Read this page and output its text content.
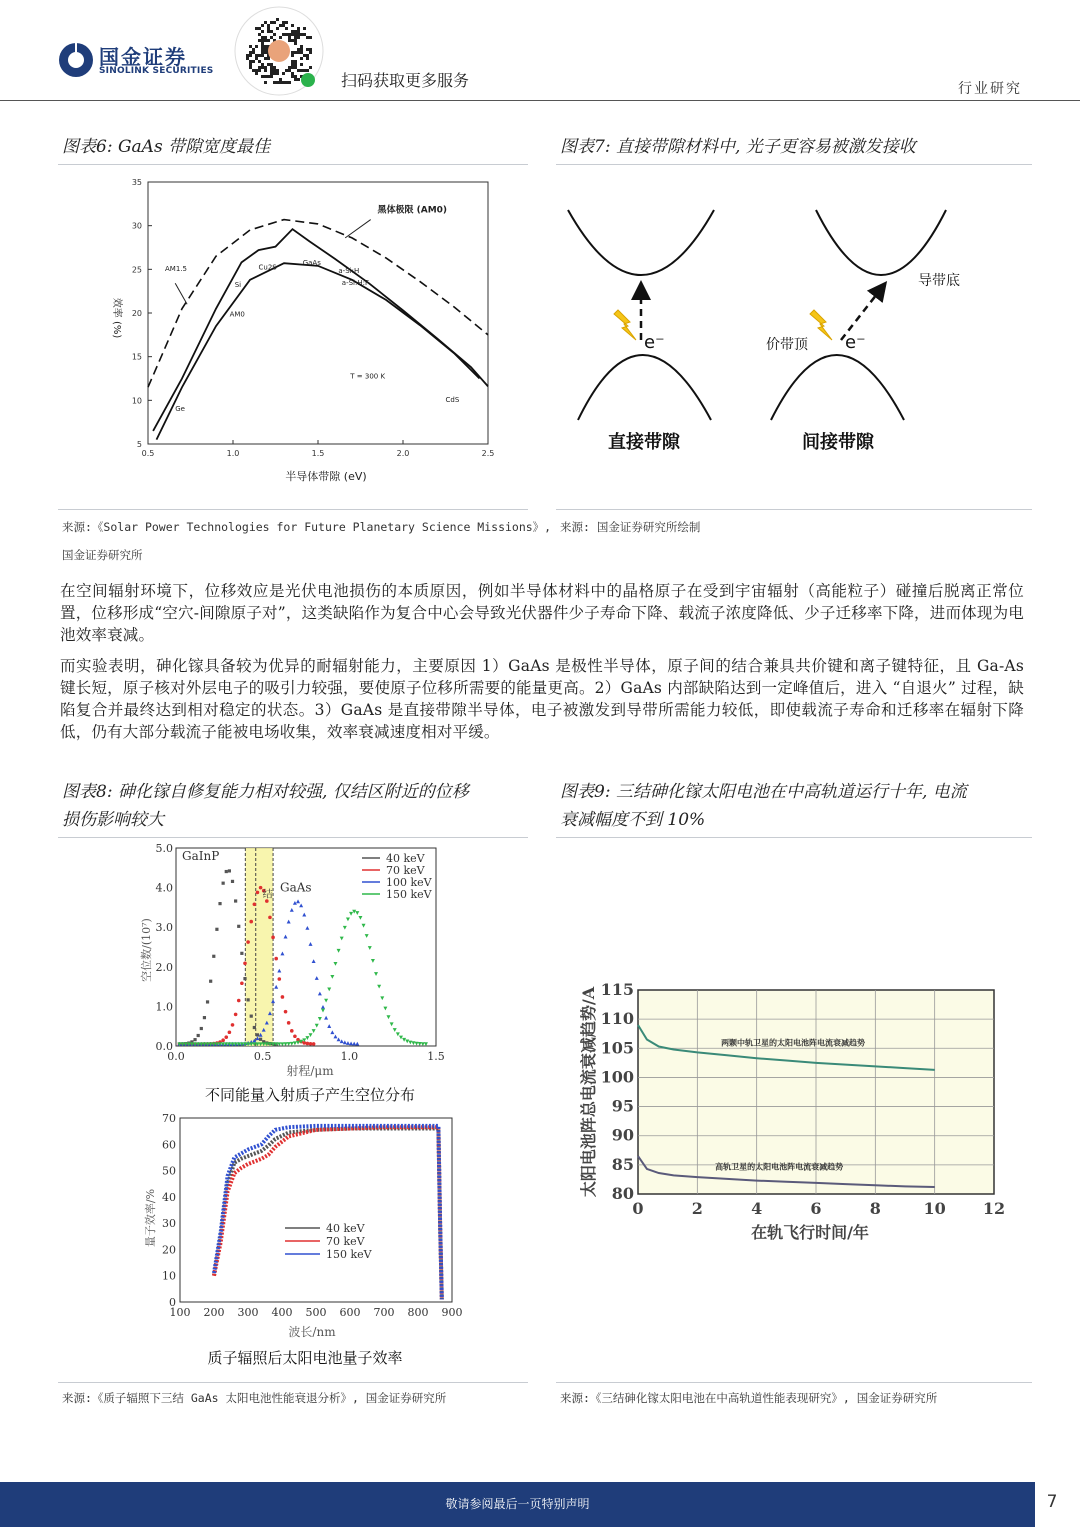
国金证券
SINOLINK SECURITIES	扫码获取更多服务	行业研究
图表6: GaAs 带隙宽度最佳
半导体带隙 (eV)
效率 (%)
0.5	1.0	1.5	2.0	2.5
5
10
15
20
25
30
35
黑体极限 (AM0)
AM1.5
AM0
Si
Cu2S
GaAs
a-Si:H
a-Si:H:F
Ge
CdS
T = 300 K
来源:《Solar Power Technologies for Future Planetary Science Missions》,
国金证券研究所
图表7: 直接带隙材料中, 光子更容易被激发接收
e⁻
直接带隙
e⁻
导带底
价带顶
间接带隙
来源: 国金证券研究所绘制
在空间辐射环境下，位移效应是光伏电池损伤的本质原因，例如半导体材料中的晶格原子在受到宇宙辐射（高能粒子）碰撞后脱离正常位置，位移形成“空穴-间隙原子对”，这类缺陷作为复合中心会导致光伏器件少子寿命下降、载流子浓度降低、少子迁移率下降，进而体现为电池效率衰减。
而实验表明，砷化镓具备较为优异的耐辐射能力，主要原因 1）GaAs 是极性半导体，原子间的结合兼具共价键和离子键特征，且 Ga-As 键长短，原子核对外层电子的吸引力较强，要使原子位移所需要的能量更高。2）GaAs 内部缺陷达到一定峰值后，进入 “自退火” 过程，缺陷复合并最终达到相对稳定的状态。3）GaAs 是直接带隙半导体，电子被激发到导带所需能力较低，即使载流子寿命和迁移率在辐射下降低，仍有大部分载流子能被电场收集，效率衰减速度相对平缓。
图表8: 砷化镓自修复能力相对较强, 仅结区附近的位移
损伤影响较大
射程/μm
空位数/(10⁷)
不同能量入射质子产生空位分布
0.0	0.5	1.0	1.5
0.0
1.0
2.0
3.0
4.0
5.0
40 keV
70 keV
100 keV
150 keV
GaInP
GaAs
结
波长/nm
量子效率/%
质子辐照后太阳电池量子效率
100 200 300 400 500 600 700 800 900
0
10
20
30
40
50
60
70
40 keV
70 keV
150 keV
来源:《质子辐照下三结 GaAs 太阳电池性能衰退分析》, 国金证券研究所
图表9: 三结砷化镓太阳电池在中高轨道运行十年, 电流
衰减幅度不到 10%
在轨飞行时间/年
太阳电池阵总电流衰减趋势/A
0	2	4	6	8	10 12
80
85
90
95
100
105
110
115
两颗中轨卫星的太阳电池阵电流衰减趋势
高轨卫星的太阳电池阵电流衰减趋势
来源:《三结砷化镓太阳电池在中高轨道性能表现研究》, 国金证券研究所
敬请参阅最后一页特别声明	7
